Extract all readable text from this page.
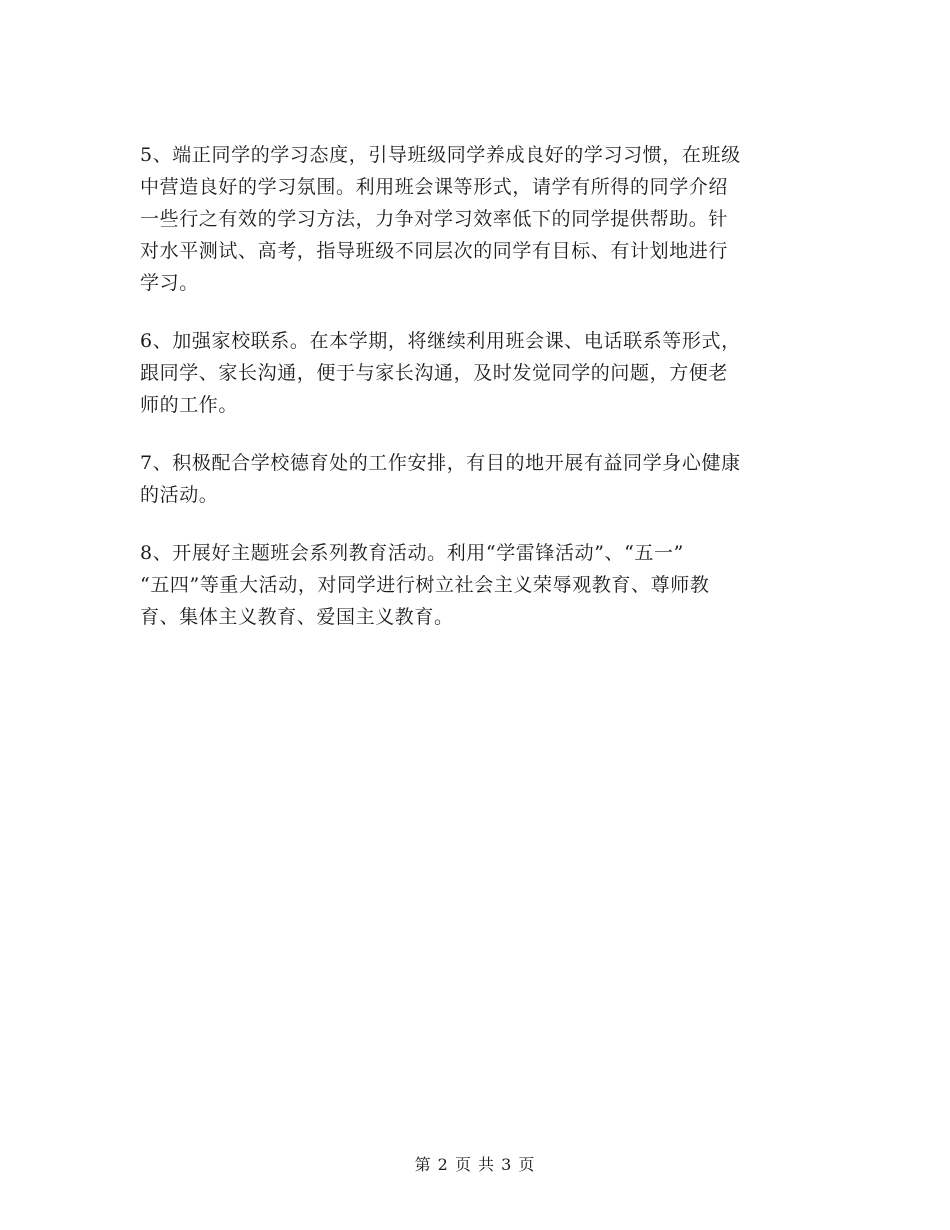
5、端正同学的学习态度，引导班级同学养成良好的学习习惯，在班级
中营造良好的学习氛围。利用班会课等形式，请学有所得的同学介绍
一些行之有效的学习方法，力争对学习效率低下的同学提供帮助。针
对水平测试、高考，指导班级不同层次的同学有目标、有计划地进行
学习。
6、加强家校联系。在本学期，将继续利用班会课、电话联系等形式，
跟同学、家长沟通，便于与家长沟通，及时发觉同学的问题，方便老
师的工作。
7、积极配合学校德育处的工作安排，有目的地开展有益同学身心健康
的活动。
8、开展好主题班会系列教育活动。利用“学雷锋活动”、“五一”
“五四”等重大活动，对同学进行树立社会主义荣辱观教育、尊师教
育、集体主义教育、爱国主义教育。
第 2 页 共 3 页
